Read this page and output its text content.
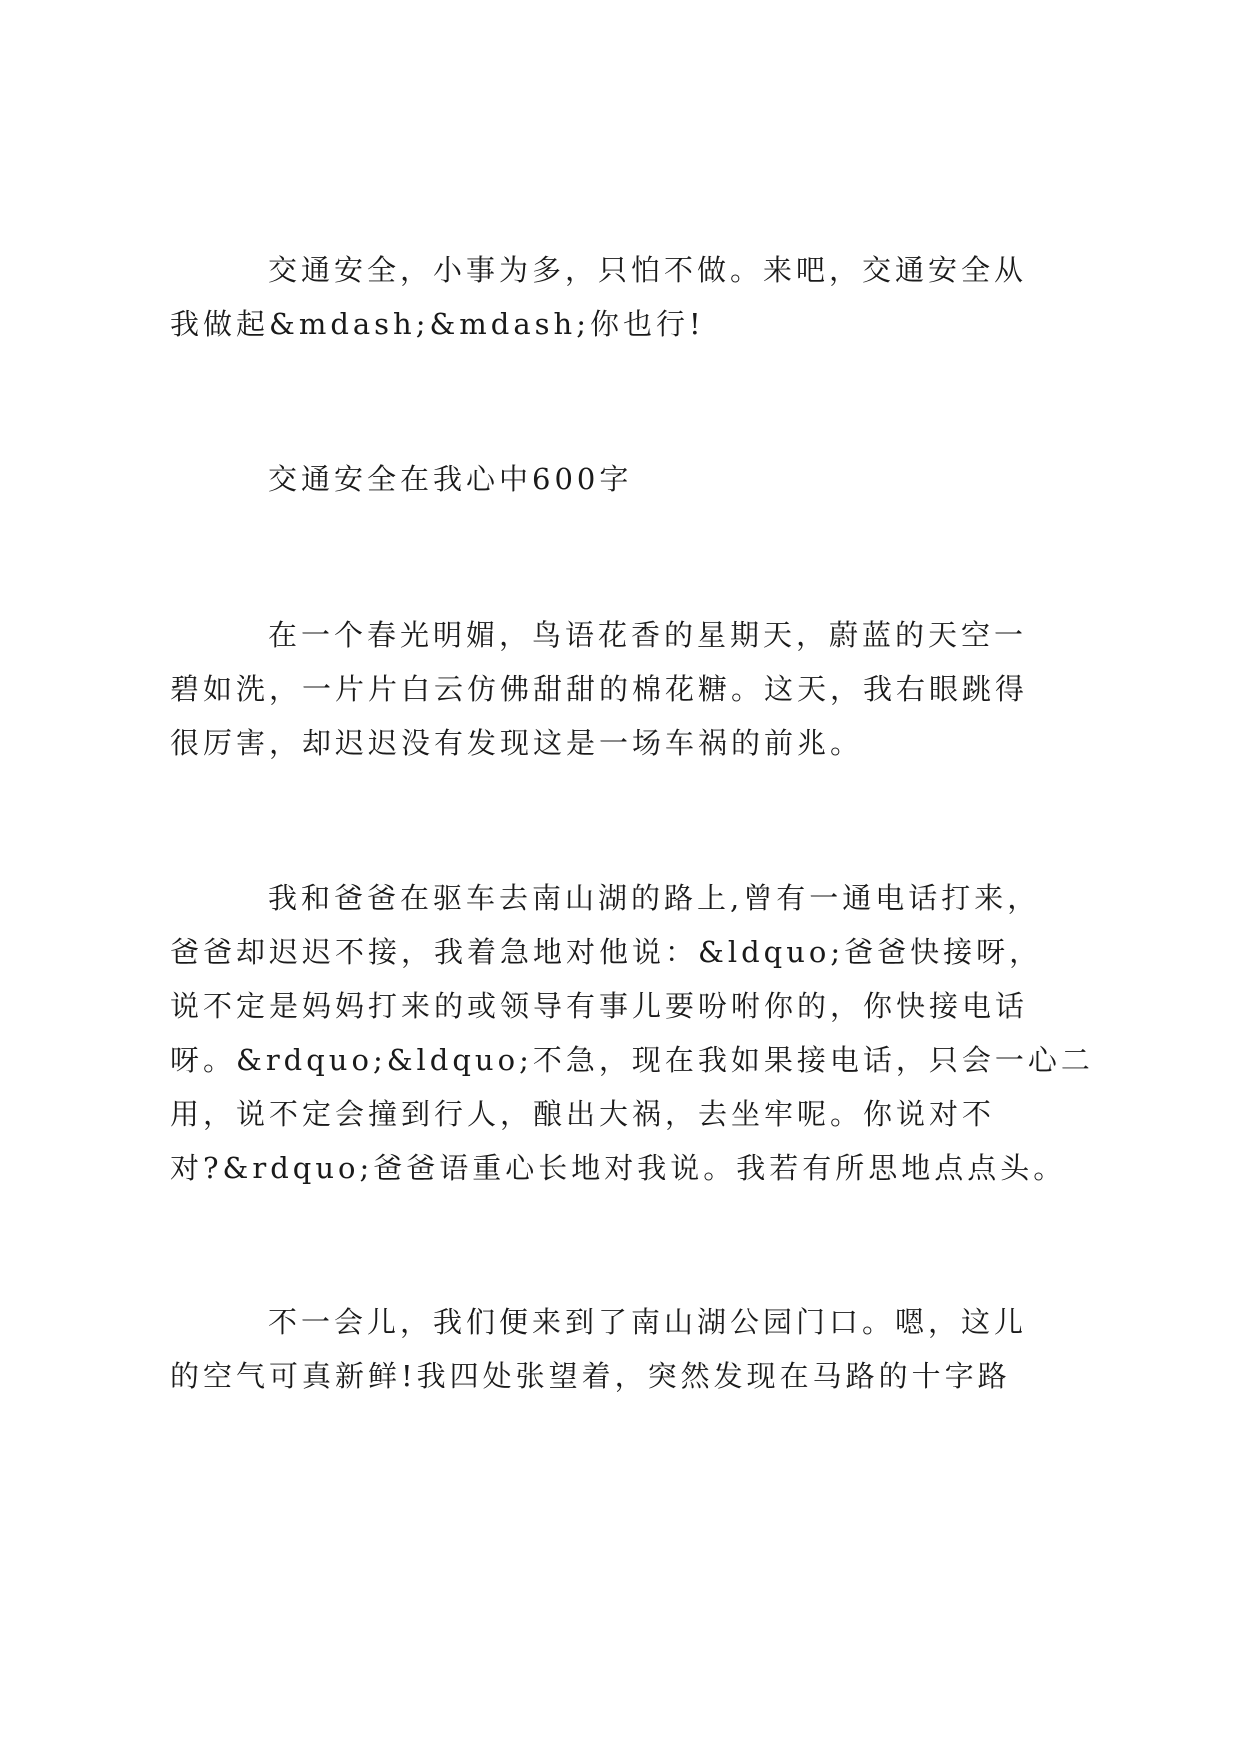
交通安全，小事为多，只怕不做。来吧，交通安全从
我做起&mdash;&mdash;你也行!
交通安全在我心中600字
在一个春光明媚，鸟语花香的星期天，蔚蓝的天空一
碧如洗，一片片白云仿佛甜甜的棉花糖。这天，我右眼跳得
很厉害，却迟迟没有发现这是一场车祸的前兆。
我和爸爸在驱车去南山湖的路上,曾有一通电话打来，
爸爸却迟迟不接，我着急地对他说：&ldquo;爸爸快接呀，
说不定是妈妈打来的或领导有事儿要吩咐你的，你快接电话
呀。&rdquo;&ldquo;不急，现在我如果接电话，只会一心二
用，说不定会撞到行人，酿出大祸，去坐牢呢。你说对不
对?&rdquo;爸爸语重心长地对我说。我若有所思地点点头。
不一会儿，我们便来到了南山湖公园门口。嗯，这儿
的空气可真新鲜!我四处张望着，突然发现在马路的十字路
